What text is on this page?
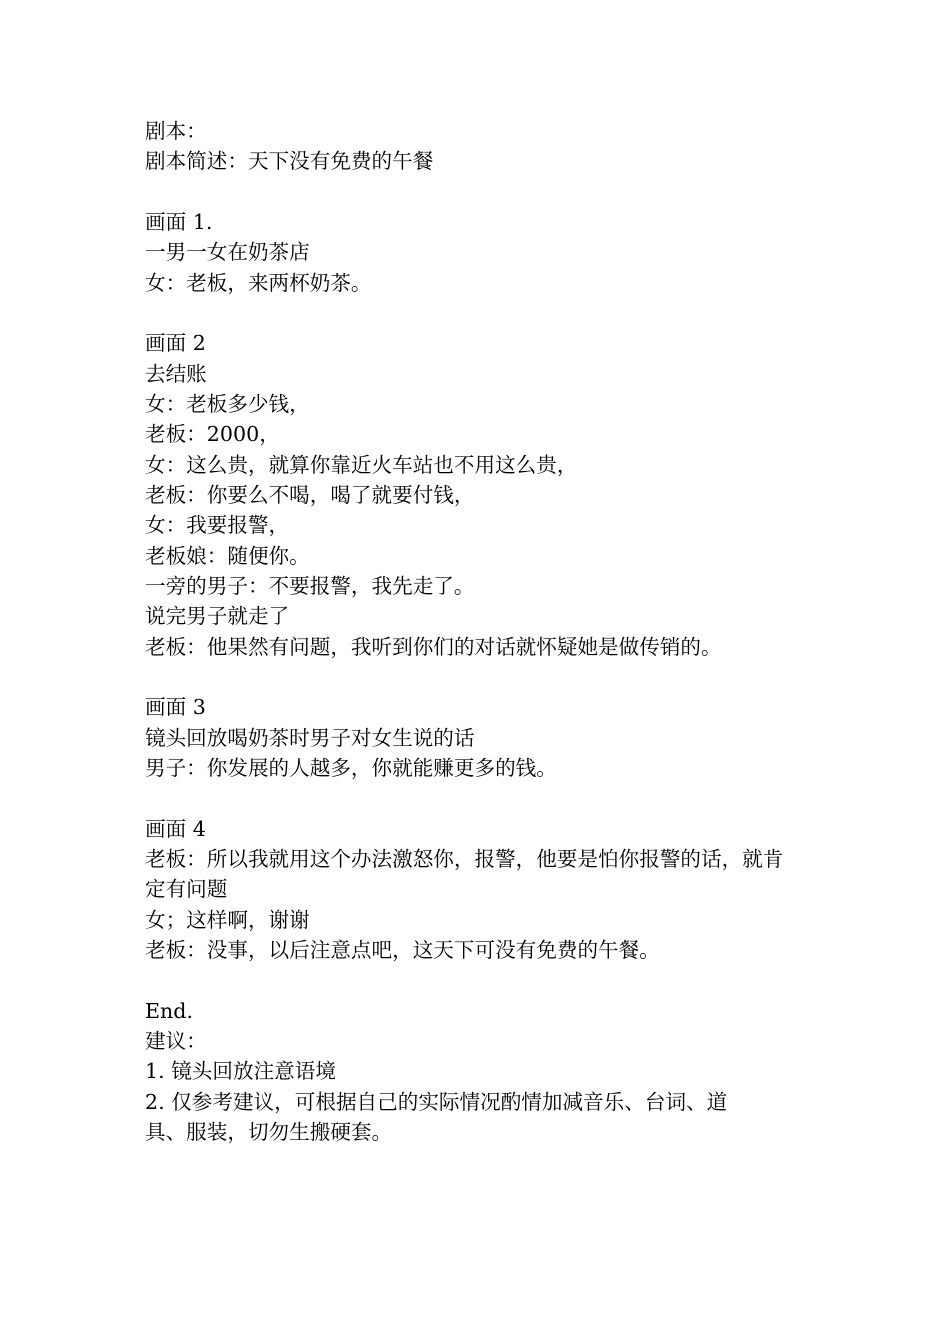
剧本：
剧本简述：天下没有免费的午餐
画面 1.
一男一女在奶茶店
女：老板，来两杯奶茶。
画面 2
去结账
女：老板多少钱，
老板：2000，
女：这么贵，就算你靠近火车站也不用这么贵，
老板：你要么不喝，喝了就要付钱，
女：我要报警，
老板娘：随便你。
一旁的男子：不要报警，我先走了。
说完男子就走了
老板：他果然有问题，我听到你们的对话就怀疑她是做传销的。
画面 3
镜头回放喝奶茶时男子对女生说的话
男子：你发展的人越多，你就能赚更多的钱。
画面 4
老板：所以我就用这个办法激怒你，报警，他要是怕你报警的话，就肯
定有问题
女；这样啊，谢谢
老板：没事，以后注意点吧，这天下可没有免费的午餐。
End.
建议：
1. 镜头回放注意语境
2. 仅参考建议，可根据自己的实际情况酌情加减音乐、台词、道
具、服装，切勿生搬硬套。
